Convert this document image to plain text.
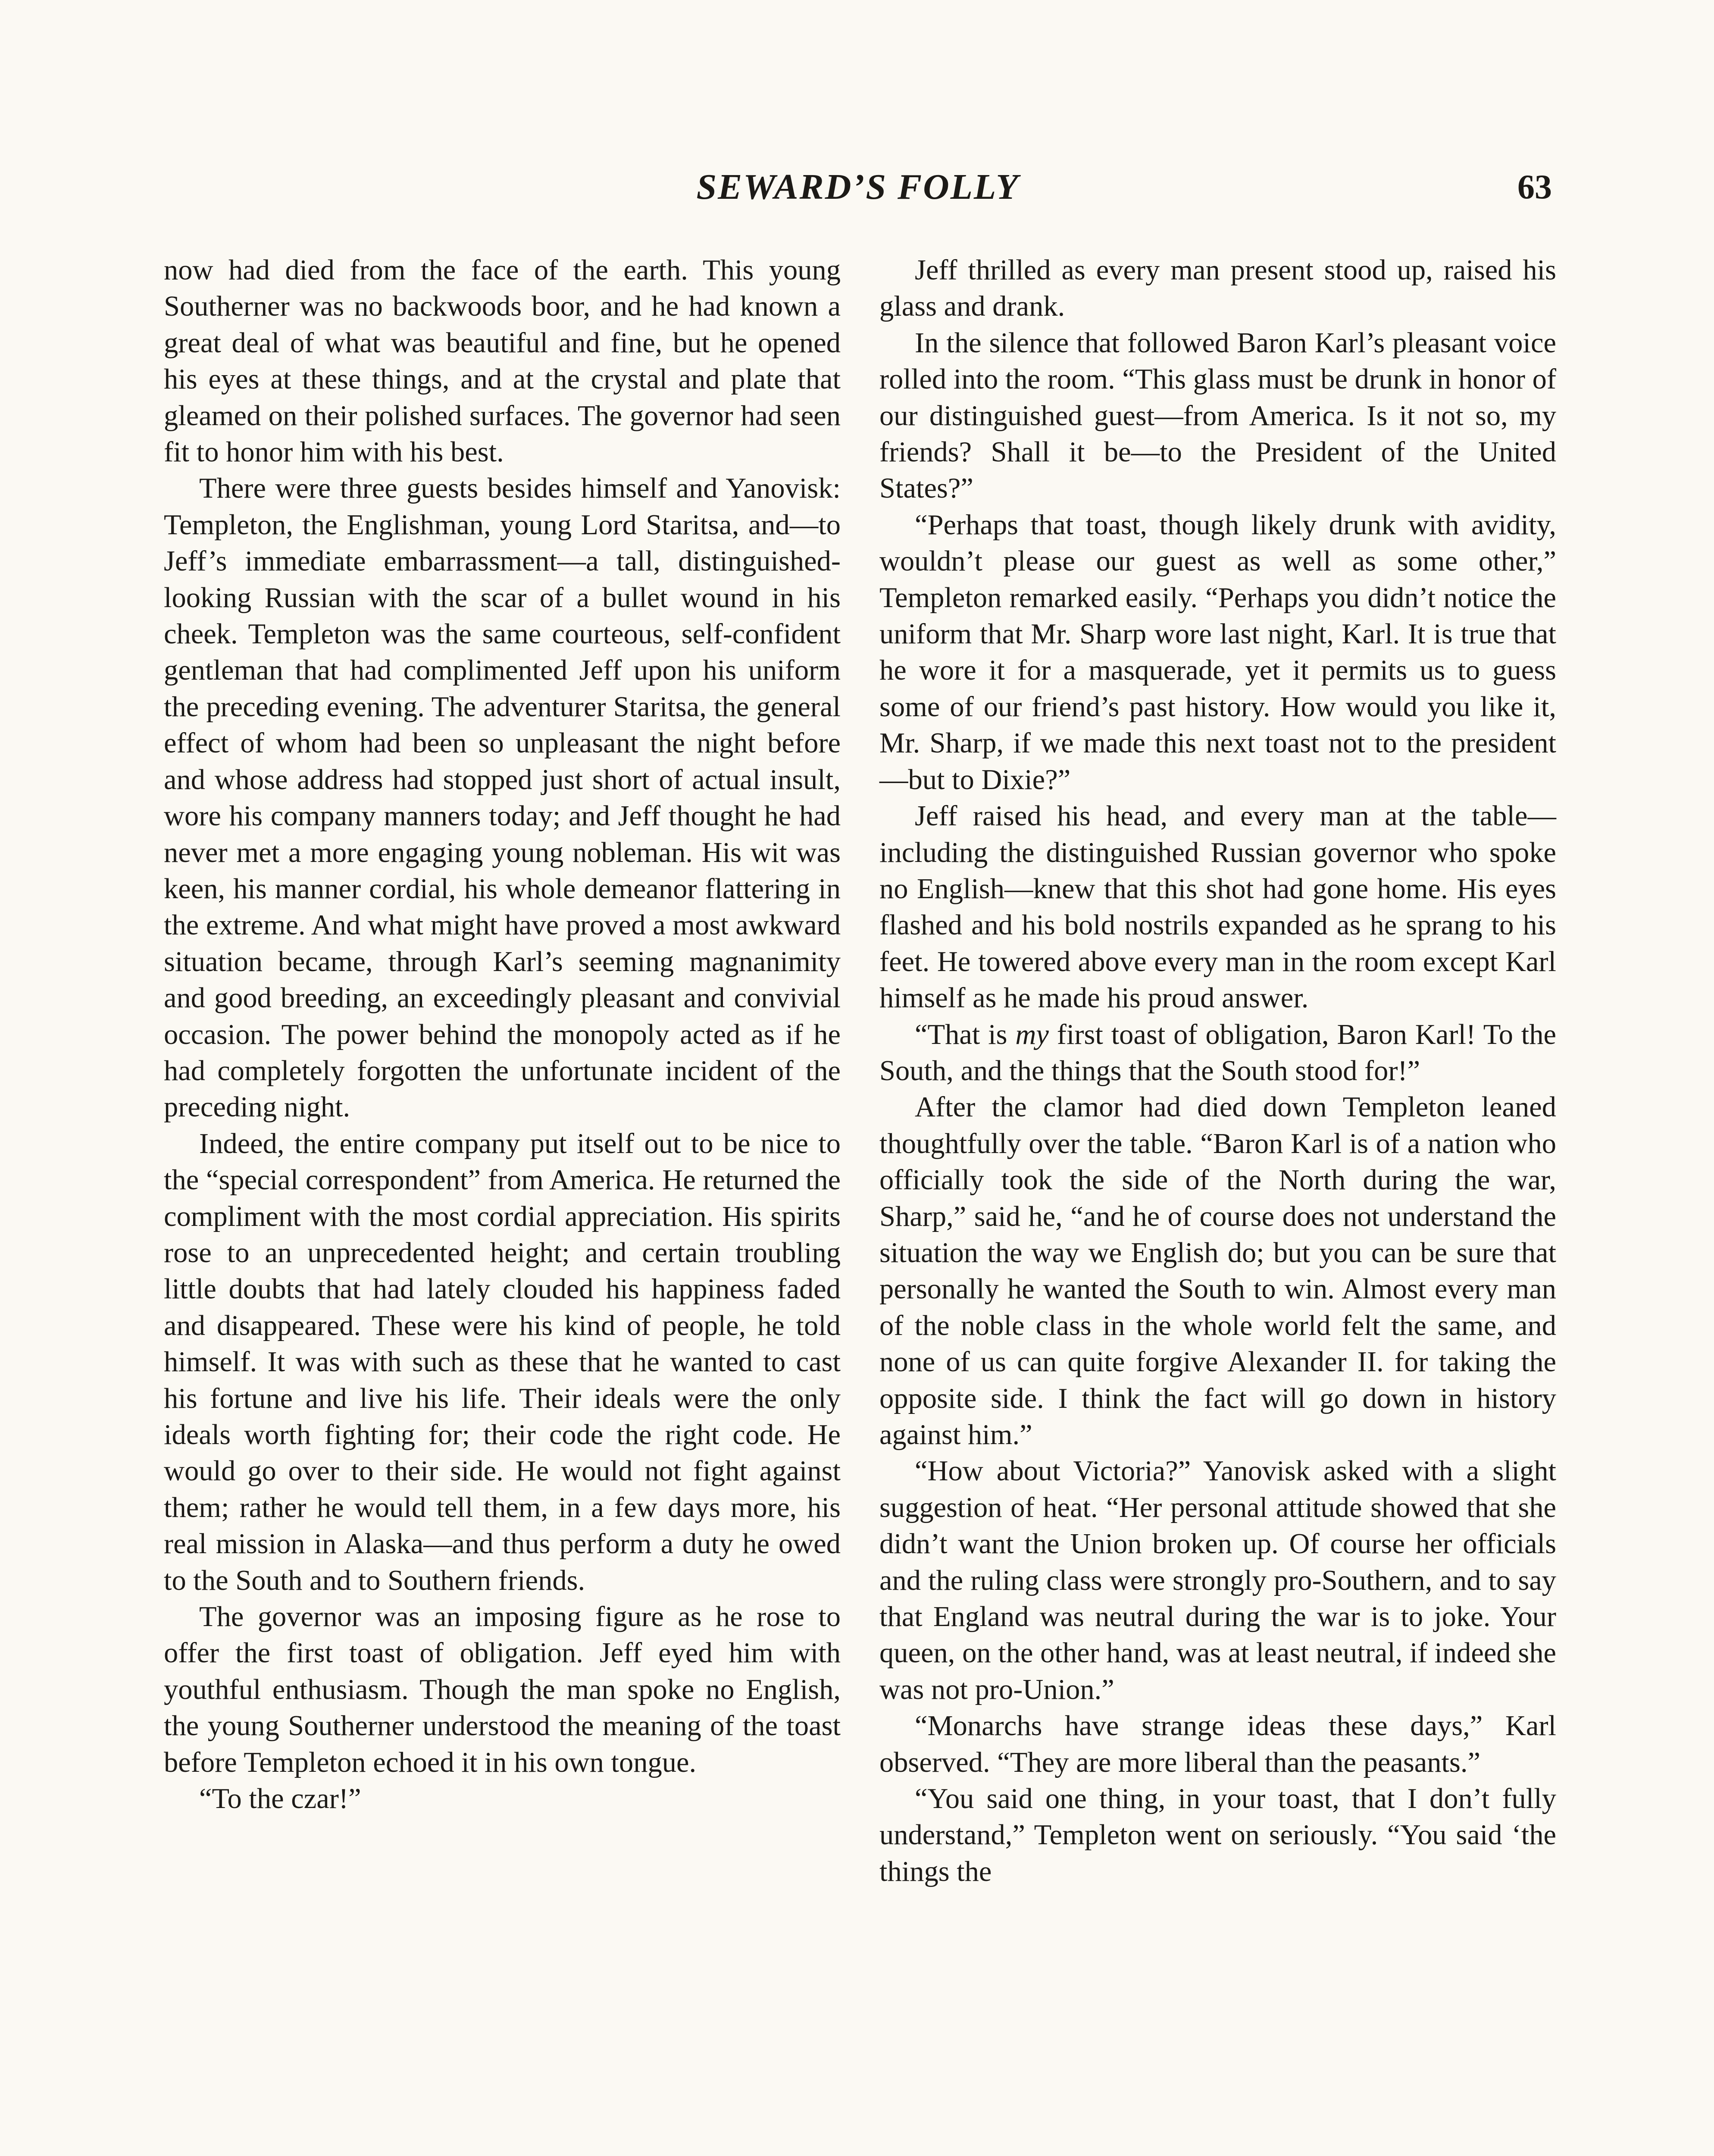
SEWARD’S FOLLY	63

now had died from the face of the earth. This young Southerner was no backwoods boor, and he had known a great deal of what was beautiful and fine, but he opened his eyes at these things, and at the crystal and plate that gleamed on their polished surfaces. The governor had seen fit to honor him with his best.

There were three guests besides himself and Yanovisk: Templeton, the Englishman, young Lord Staritsa, and—to Jeff’s immediate embarrassment—a tall, distinguished-looking Russian with the scar of a bullet wound in his cheek. Templeton was the same courteous, self-confident gentleman that had complimented Jeff upon his uniform the preceding evening. The adventurer Staritsa, the general effect of whom had been so unpleasant the night before and whose address had stopped just short of actual insult, wore his company manners today; and Jeff thought he had never met a more engaging young nobleman. His wit was keen, his manner cordial, his whole demeanor flattering in the extreme. And what might have proved a most awkward situation became, through Karl’s seeming magnanimity and good breeding, an exceedingly pleasant and convivial occasion. The power behind the monopoly acted as if he had completely forgotten the unfortunate incident of the preceding night.

Indeed, the entire company put itself out to be nice to the “special correspondent” from America. He returned the compliment with the most cordial appreciation. His spirits rose to an unprecedented height; and certain troubling little doubts that had lately clouded his happiness faded and disappeared. These were his kind of people, he told himself. It was with such as these that he wanted to cast his fortune and live his life. Their ideals were the only ideals worth fighting for; their code the right code. He would go over to their side. He would not fight against them; rather he would tell them, in a few days more, his real mission in Alaska—and thus perform a duty he owed to the South and to Southern friends.

The governor was an imposing figure as he rose to offer the first toast of obligation. Jeff eyed him with youthful enthusiasm. Though the man spoke no English, the young Southerner understood the meaning of the toast before Templeton echoed it in his own tongue.

“To the czar!”

Jeff thrilled as every man present stood up, raised his glass and drank.

In the silence that followed Baron Karl’s pleasant voice rolled into the room. “This glass must be drunk in honor of our distinguished guest—from America. Is it not so, my friends? Shall it be—to the President of the United States?”

“Perhaps that toast, though likely drunk with avidity, wouldn’t please our guest as well as some other,” Templeton remarked easily. “Perhaps you didn’t notice the uniform that Mr. Sharp wore last night, Karl. It is true that he wore it for a masquerade, yet it permits us to guess some of our friend’s past history. How would you like it, Mr. Sharp, if we made this next toast not to the president—but to Dixie?”

Jeff raised his head, and every man at the table—including the distinguished Russian governor who spoke no English—knew that this shot had gone home. His eyes flashed and his bold nostrils expanded as he sprang to his feet. He towered above every man in the room except Karl himself as he made his proud answer.

“That is my first toast of obligation, Baron Karl! To the South, and the things that the South stood for!”

After the clamor had died down Templeton leaned thoughtfully over the table. “Baron Karl is of a nation who officially took the side of the North during the war, Sharp,” said he, “and he of course does not understand the situation the way we English do; but you can be sure that personally he wanted the South to win. Almost every man of the noble class in the whole world felt the same, and none of us can quite forgive Alexander II. for taking the opposite side. I think the fact will go down in history against him.”

“How about Victoria?” Yanovisk asked with a slight suggestion of heat. “Her personal attitude showed that she didn’t want the Union broken up. Of course her officials and the ruling class were strongly pro-Southern, and to say that England was neutral during the war is to joke. Your queen, on the other hand, was at least neutral, if indeed she was not pro-Union.”

“Monarchs have strange ideas these days,” Karl observed. “They are more liberal than the peasants.”

“You said one thing, in your toast, that I don’t fully understand,” Templeton went on seriously. “You said ‘the things the
